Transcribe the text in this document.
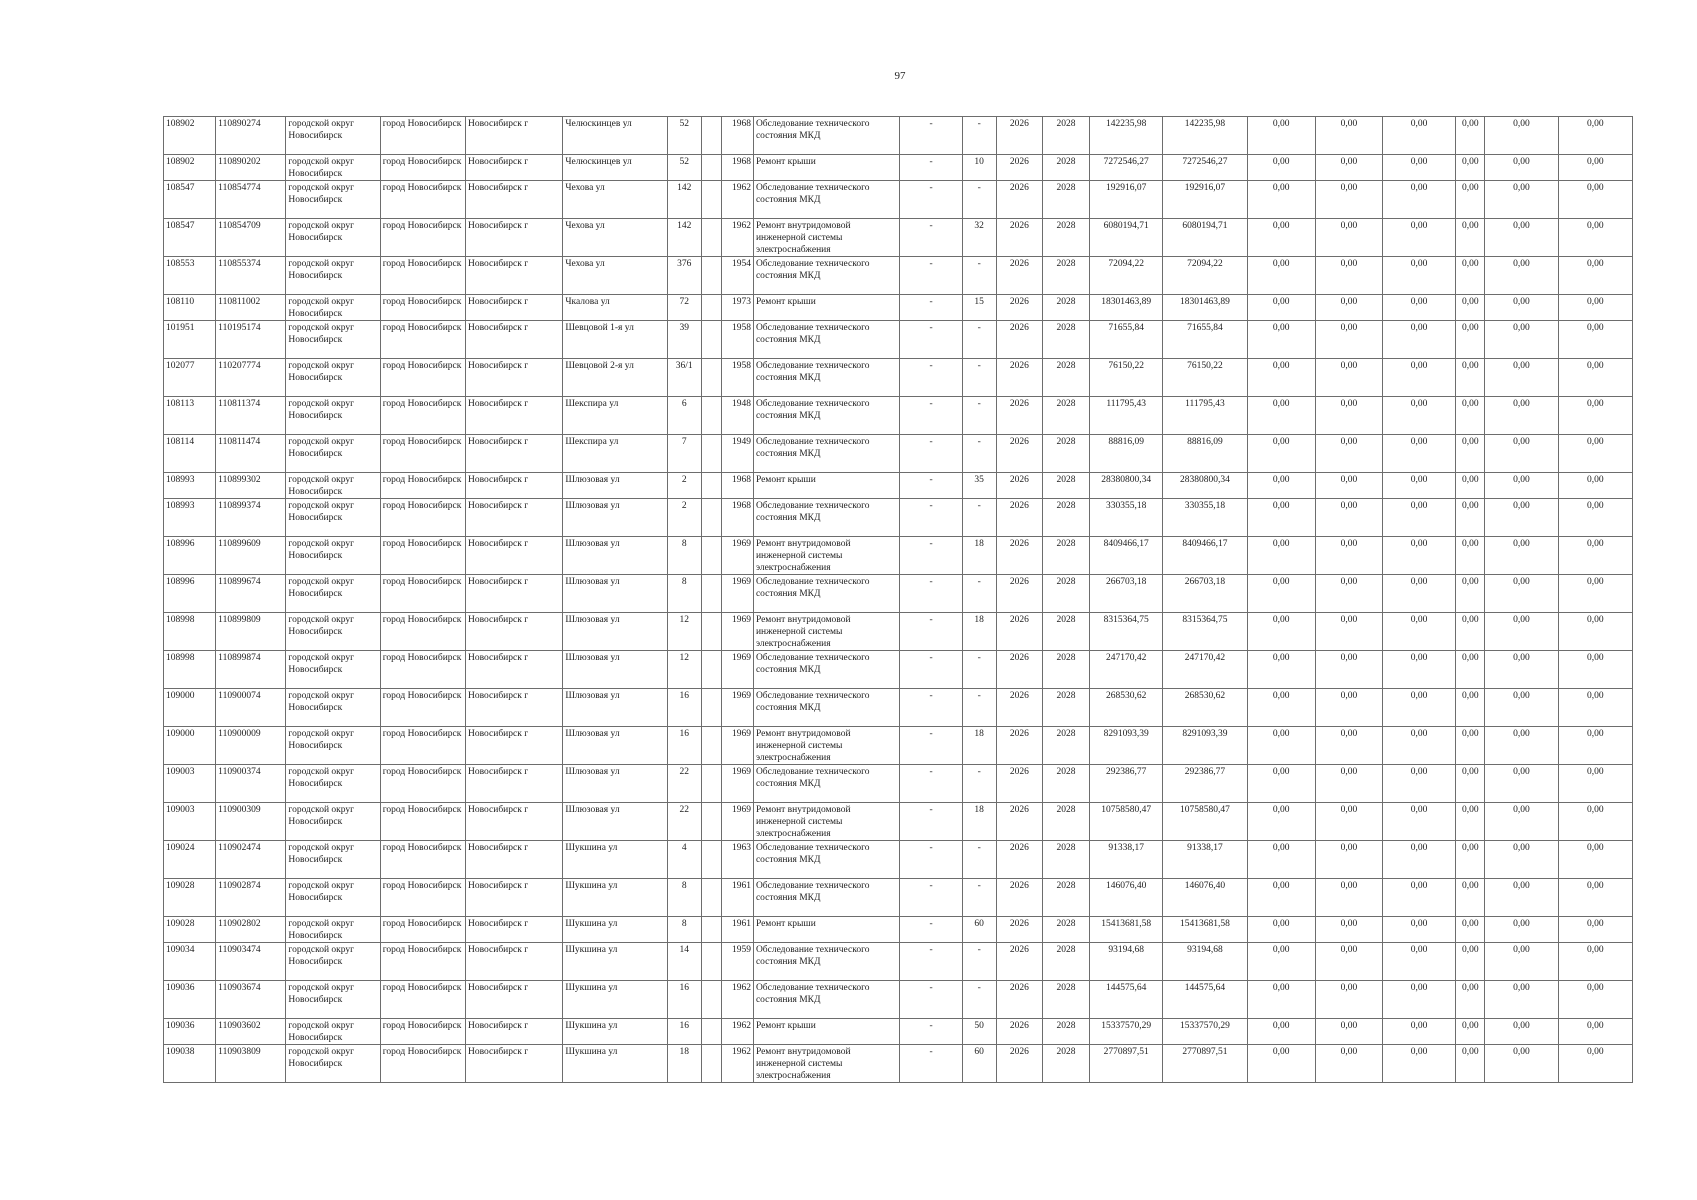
97
108902	110890274	городской округ Новосибирск	город Новосибирск	Новосибирск г	Челюскинцев ул	52		1968	Обследование технического состояния МКД	-	-	2026	2028	142235,98	142235,98	0,00	0,00	0,00	0,00	0,00	0,00
108902	110890202	городской округ Новосибирск	город Новосибирск	Новосибирск г	Челюскинцев ул	52		1968	Ремонт крыши	-	10	2026	2028	7272546,27	7272546,27	0,00	0,00	0,00	0,00	0,00	0,00
108547	110854774	городской округ Новосибирск	город Новосибирск	Новосибирск г	Чехова ул	142		1962	Обследование технического состояния МКД	-	-	2026	2028	192916,07	192916,07	0,00	0,00	0,00	0,00	0,00	0,00
108547	110854709	городской округ Новосибирск	город Новосибирск	Новосибирск г	Чехова ул	142		1962	Ремонт внутридомовой инженерной системы электроснабжения	-	32	2026	2028	6080194,71	6080194,71	0,00	0,00	0,00	0,00	0,00	0,00
108553	110855374	городской округ Новосибирск	город Новосибирск	Новосибирск г	Чехова ул	376		1954	Обследование технического состояния МКД	-	-	2026	2028	72094,22	72094,22	0,00	0,00	0,00	0,00	0,00	0,00
108110	110811002	городской округ Новосибирск	город Новосибирск	Новосибирск г	Чкалова ул	72		1973	Ремонт крыши	-	15	2026	2028	18301463,89	18301463,89	0,00	0,00	0,00	0,00	0,00	0,00
101951	110195174	городской округ Новосибирск	город Новосибирск	Новосибирск г	Шевцовой 1-я ул	39		1958	Обследование технического состояния МКД	-	-	2026	2028	71655,84	71655,84	0,00	0,00	0,00	0,00	0,00	0,00
102077	110207774	городской округ Новосибирск	город Новосибирск	Новосибирск г	Шевцовой 2-я ул	36/1		1958	Обследование технического состояния МКД	-	-	2026	2028	76150,22	76150,22	0,00	0,00	0,00	0,00	0,00	0,00
108113	110811374	городской округ Новосибирск	город Новосибирск	Новосибирск г	Шекспира ул	6		1948	Обследование технического состояния МКД	-	-	2026	2028	111795,43	111795,43	0,00	0,00	0,00	0,00	0,00	0,00
108114	110811474	городской округ Новосибирск	город Новосибирск	Новосибирск г	Шекспира ул	7		1949	Обследование технического состояния МКД	-	-	2026	2028	88816,09	88816,09	0,00	0,00	0,00	0,00	0,00	0,00
108993	110899302	городской округ Новосибирск	город Новосибирск	Новосибирск г	Шлюзовая ул	2		1968	Ремонт крыши	-	35	2026	2028	28380800,34	28380800,34	0,00	0,00	0,00	0,00	0,00	0,00
108993	110899374	городской округ Новосибирск	город Новосибирск	Новосибирск г	Шлюзовая ул	2		1968	Обследование технического состояния МКД	-	-	2026	2028	330355,18	330355,18	0,00	0,00	0,00	0,00	0,00	0,00
108996	110899609	городской округ Новосибирск	город Новосибирск	Новосибирск г	Шлюзовая ул	8		1969	Ремонт внутридомовой инженерной системы электроснабжения	-	18	2026	2028	8409466,17	8409466,17	0,00	0,00	0,00	0,00	0,00	0,00
108996	110899674	городской округ Новосибирск	город Новосибирск	Новосибирск г	Шлюзовая ул	8		1969	Обследование технического состояния МКД	-	-	2026	2028	266703,18	266703,18	0,00	0,00	0,00	0,00	0,00	0,00
108998	110899809	городской округ Новосибирск	город Новосибирск	Новосибирск г	Шлюзовая ул	12		1969	Ремонт внутридомовой инженерной системы электроснабжения	-	18	2026	2028	8315364,75	8315364,75	0,00	0,00	0,00	0,00	0,00	0,00
108998	110899874	городской округ Новосибирск	город Новосибирск	Новосибирск г	Шлюзовая ул	12		1969	Обследование технического состояния МКД	-	-	2026	2028	247170,42	247170,42	0,00	0,00	0,00	0,00	0,00	0,00
109000	110900074	городской округ Новосибирск	город Новосибирск	Новосибирск г	Шлюзовая ул	16		1969	Обследование технического состояния МКД	-	-	2026	2028	268530,62	268530,62	0,00	0,00	0,00	0,00	0,00	0,00
109000	110900009	городской округ Новосибирск	город Новосибирск	Новосибирск г	Шлюзовая ул	16		1969	Ремонт внутридомовой инженерной системы электроснабжения	-	18	2026	2028	8291093,39	8291093,39	0,00	0,00	0,00	0,00	0,00	0,00
109003	110900374	городской округ Новосибирск	город Новосибирск	Новосибирск г	Шлюзовая ул	22		1969	Обследование технического состояния МКД	-	-	2026	2028	292386,77	292386,77	0,00	0,00	0,00	0,00	0,00	0,00
109003	110900309	городской округ Новосибирск	город Новосибирск	Новосибирск г	Шлюзовая ул	22		1969	Ремонт внутридомовой инженерной системы электроснабжения	-	18	2026	2028	10758580,47	10758580,47	0,00	0,00	0,00	0,00	0,00	0,00
109024	110902474	городской округ Новосибирск	город Новосибирск	Новосибирск г	Шукшина ул	4		1963	Обследование технического состояния МКД	-	-	2026	2028	91338,17	91338,17	0,00	0,00	0,00	0,00	0,00	0,00
109028	110902874	городской округ Новосибирск	город Новосибирск	Новосибирск г	Шукшина ул	8		1961	Обследование технического состояния МКД	-	-	2026	2028	146076,40	146076,40	0,00	0,00	0,00	0,00	0,00	0,00
109028	110902802	городской округ Новосибирск	город Новосибирск	Новосибирск г	Шукшина ул	8		1961	Ремонт крыши	-	60	2026	2028	15413681,58	15413681,58	0,00	0,00	0,00	0,00	0,00	0,00
109034	110903474	городской округ Новосибирск	город Новосибирск	Новосибирск г	Шукшина ул	14		1959	Обследование технического состояния МКД	-	-	2026	2028	93194,68	93194,68	0,00	0,00	0,00	0,00	0,00	0,00
109036	110903674	городской округ Новосибирск	город Новосибирск	Новосибирск г	Шукшина ул	16		1962	Обследование технического состояния МКД	-	-	2026	2028	144575,64	144575,64	0,00	0,00	0,00	0,00	0,00	0,00
109036	110903602	городской округ Новосибирск	город Новосибирск	Новосибирск г	Шукшина ул	16		1962	Ремонт крыши	-	50	2026	2028	15337570,29	15337570,29	0,00	0,00	0,00	0,00	0,00	0,00
109038	110903809	городской округ Новосибирск	город Новосибирск	Новосибирск г	Шукшина ул	18		1962	Ремонт внутридомовой инженерной системы электроснабжения	-	60	2026	2028	2770897,51	2770897,51	0,00	0,00	0,00	0,00	0,00	0,00
